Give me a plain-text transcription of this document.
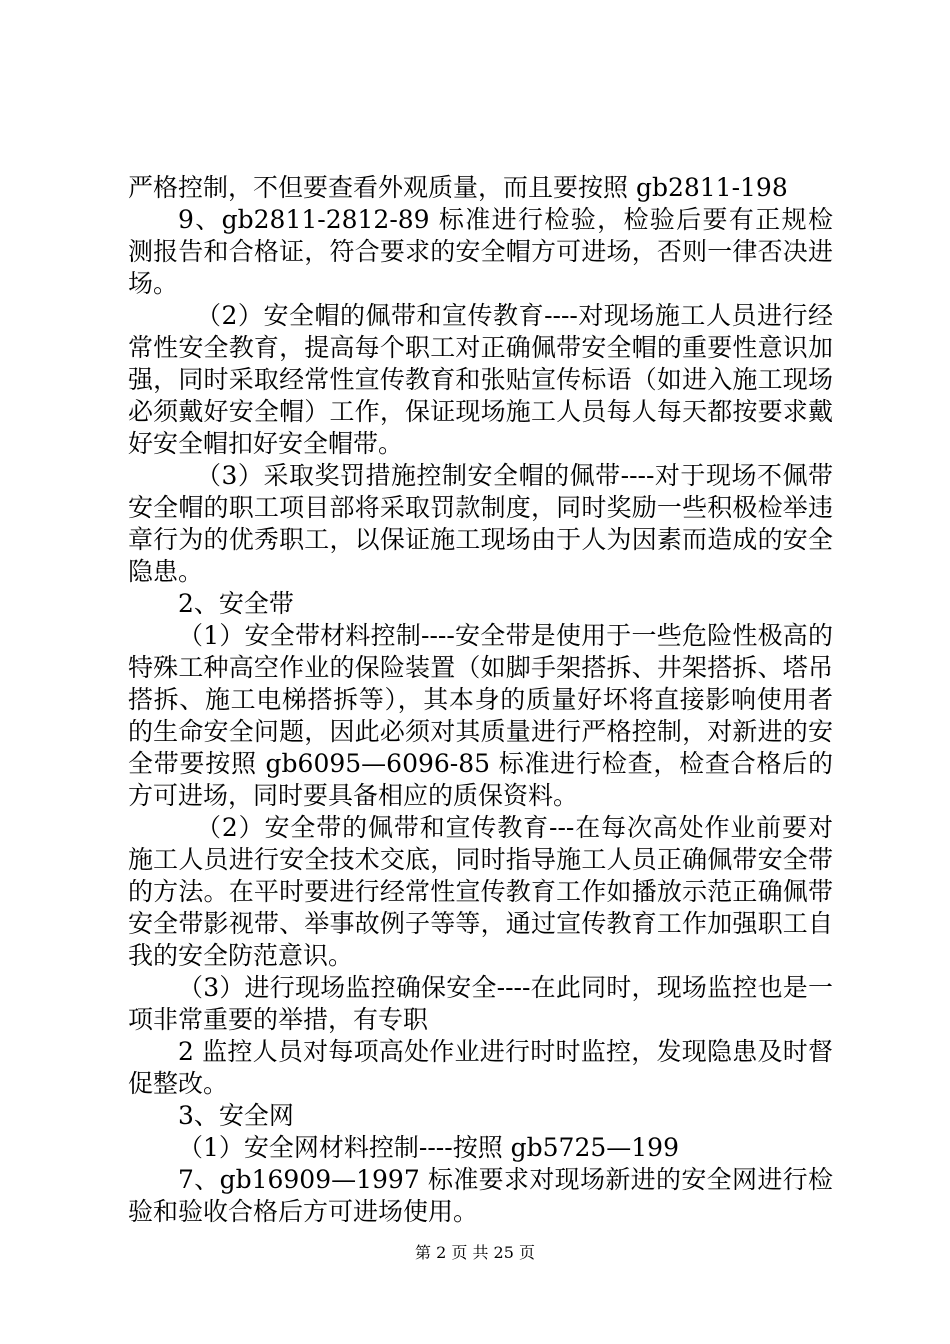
严格控制，不但要查看外观质量，而且要按照 gb2811-198

9、gb2811-2812-89 标准进行检验，检验后要有正规检测报告和合格证，符合要求的安全帽方可进场，否则一律否决进场。

（2）安全帽的佩带和宣传教育----对现场施工人员进行经常性安全教育，提高每个职工对正确佩带安全帽的重要性意识加强，同时采取经常性宣传教育和张贴宣传标语（如进入施工现场必须戴好安全帽）工作，保证现场施工人员每人每天都按要求戴好安全帽扣好安全帽带。

（3）采取奖罚措施控制安全帽的佩带----对于现场不佩带安全帽的职工项目部将采取罚款制度，同时奖励一些积极检举违章行为的优秀职工，以保证施工现场由于人为因素而造成的安全隐患。

2、安全带

（1）安全带材料控制----安全带是使用于一些危险性极高的特殊工种高空作业的保险装置（如脚手架搭拆、井架搭拆、塔吊搭拆、施工电梯搭拆等），其本身的质量好坏将直接影响使用者的生命安全问题，因此必须对其质量进行严格控制，对新进的安全带要按照 gb6095—6096-85 标准进行检查，检查合格后的方可进场，同时要具备相应的质保资料。

（2）安全带的佩带和宣传教育---在每次高处作业前要对施工人员进行安全技术交底，同时指导施工人员正确佩带安全带的方法。在平时要进行经常性宣传教育工作如播放示范正确佩带安全带影视带、举事故例子等等，通过宣传教育工作加强职工自我的安全防范意识。

（3）进行现场监控确保安全----在此同时，现场监控也是一项非常重要的举措，有专职

2 监控人员对每项高处作业进行时时监控，发现隐患及时督促整改。

3、安全网

（1）安全网材料控制----按照 gb5725—199

7、gb16909—1997 标准要求对现场新进的安全网进行检验和验收合格后方可进场使用。

第 2 页 共 25 页
